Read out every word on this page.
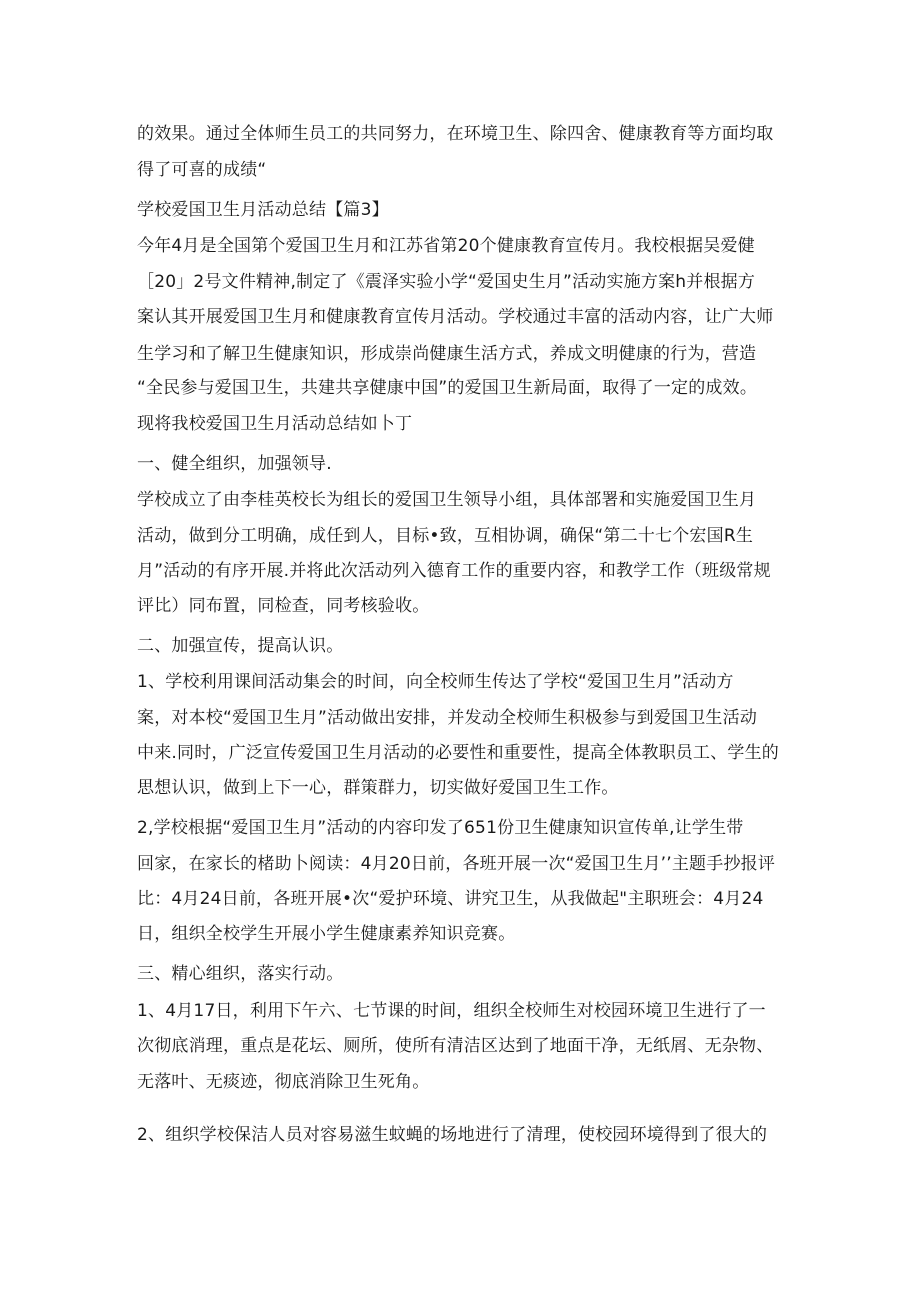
的效果。通过全体师生员工的共同努力，在环境卫生、除四舍、健康教育等方面均取
得了可喜的成绩“
学校爱国卫生月活动总结【篇3】
今年4月是全国第个爱国卫生月和江苏省第20个健康教育宣传月。我校根据吴爱健
［20」2号文件精神,制定了《震泽实验小学“爱国史生月”活动实施方案h并根据方
案认其开展爱国卫生月和健康教育宣传月活动。学校通过丰富的活动内容，让广大师
生学习和了解卫生健康知识，形成崇尚健康生活方式，养成文明健康的行为，营造
“全民参与爱国卫生，共建共享健康中国”的爱国卫生新局面，取得了一定的成效。
现将我校爱国卫生月活动总结如卜丁
一、健全组织，加强领导.
学校成立了由李桂英校长为组长的爱国卫生领导小组，具体部署和实施爱国卫生月
活动，做到分工明确，成任到人，目标•致，互相协调，确保“第二十七个宏国R生
月”活动的有序开展.并将此次活动列入德育工作的重要内容，和教学工作（班级常规
评比）同布置，同检查，同考核验收。
二、加强宣传，提高认识。
1、学校利用课间活动集会的时间，向全校师生传达了学校“爱国卫生月”活动方
案，对本校“爱国卫生月”活动做出安排，并发动全校师生积极参与到爱国卫生活动
中来.同时，广泛宣传爱国卫生月活动的必要性和重要性，提高全体教职员工、学生的
思想认识，做到上下一心，群策群力，切实做好爱国卫生工作。
2,学校根据“爱国卫生月”活动的内容印发了651份卫生健康知识宣传单,让学生带
回家，在家长的楮助卜阅读：4月20日前，各班开展一次“爱国卫生月’’主题手抄报评
比：4月24日前，各班开展•次“爱护环境、讲究卫生，从我做起"主职班会：4月24
日，组织全校学生开展小学生健康素养知识竞赛。
三、精心组织，落实行动。
1、4月17日，利用下午六、七节课的时间，组织全校师生对校园环境卫生进行了一
次彻底消理，重点是花坛、厕所，使所有清洁区达到了地面干净，无纸屑、无杂物、
无落叶、无痰迹，彻底消除卫生死角。
2、组织学校保洁人员对容易滋生蚊蝇的场地进行了清理，使校园环境得到了很大的
